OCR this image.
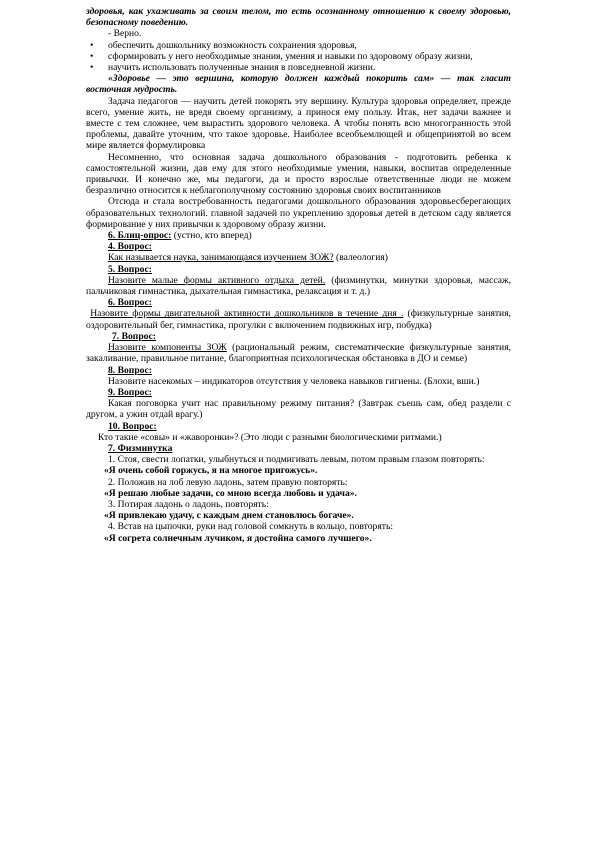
здоровья, как ухаживать за своим телом, то есть осознанному отношению к своему здоровью, безопасному поведению.

- Верно.

• обеспечить дошкольнику возможность сохранения здоровья,
• сформировать у него необходимые знания, умения и навыки по здоровому образу жизни,
• научить использовать полученные знания в повседневной жизни.

«Здоровье — это вершина, которую должен каждый покорить сам» — так гласит восточная мудрость.

Задача педагогов — научить детей покорять эту вершину. Культура здоровья определяет, прежде всего, умение жить, не вредя своему организму, а принося ему пользу. Итак, нет задачи важнее и вместе с тем сложнее, чем вырастить здорового человека. А чтобы понять всю многогранность этой проблемы, давайте уточним, что такое здоровье. Наиболее всеобъемлющей и общепринятой во всем мире является формулировка

Несомненно, что основная задача дошкольного образования - подготовить ребенка к самостоятельной жизни, дав ему для этого необходимые умения, навыки, воспитав определенные привычки. И конечно же, мы педагоги, да и просто взрослые ответственные люди не можем безразлично относится к неблагополучному состоянию здоровья своих воспитанников

Отсюда и стала востребованность педагогами дошкольного образования здоровьесберегающих образовательных технологий. главной задачей по укреплению здоровья детей в детском саду является формирование у них привычки к здоровому образу жизни.

6. Блиц-опрос: (устно, кто вперед)

4. Вопрос:

Как называется наука, занимающаяся изучением ЗОЖ? (валеология)

5. Вопрос:

Назовите малые формы активного отдыха детей. (физминутки, минутки здоровья, массаж, пальчиковая гимнастика, дыхательная гимнастика, релаксация и т. д.)

6. Вопрос:

Назовите формы двигательной активности дошкольников в течение дня . (физкультурные занятия, оздоровительный бег, гимнастика, прогулки с включением подвижных игр, побудка)

7. Вопрос:

Назовите компоненты ЗОЖ (рациональный режим, систематические физкультурные занятия, закаливание, правильное питание, благоприятная психологическая обстановка в ДО и семье)

8. Вопрос:

Назовите насекомых – индикаторов отсутствия у человека навыков гигиены. (Блохи, вши.)

9. Вопрос:

Какая поговорка учит нас правильному режиму питания? (Завтрак съешь сам, обед раздели с другом, а ужин отдай врагу.)

10. Вопрос:

Кто такие «совы» и «жаворонки»? (Это люди с разными биологическими ритмами.)

7. Физминутка

1. Стоя, свести лопатки, улыбнуться и подмигивать левым, потом правым глазом повторять:

«Я очень собой горжусь, я на многое пригожусь».

2. Положив на лоб левую ладонь, затем правую повторять:

«Я решаю любые задачи, со мною всегда любовь и удача».

3. Потирая ладонь о ладонь, повторять:

«Я привлекаю удачу, с каждым днем становлюсь богаче».

4. Встав на цыпочки, руки над головой сомкнуть в кольцо, повторять:

«Я согрета солнечным лучиком, я достойна самого лучшего».
